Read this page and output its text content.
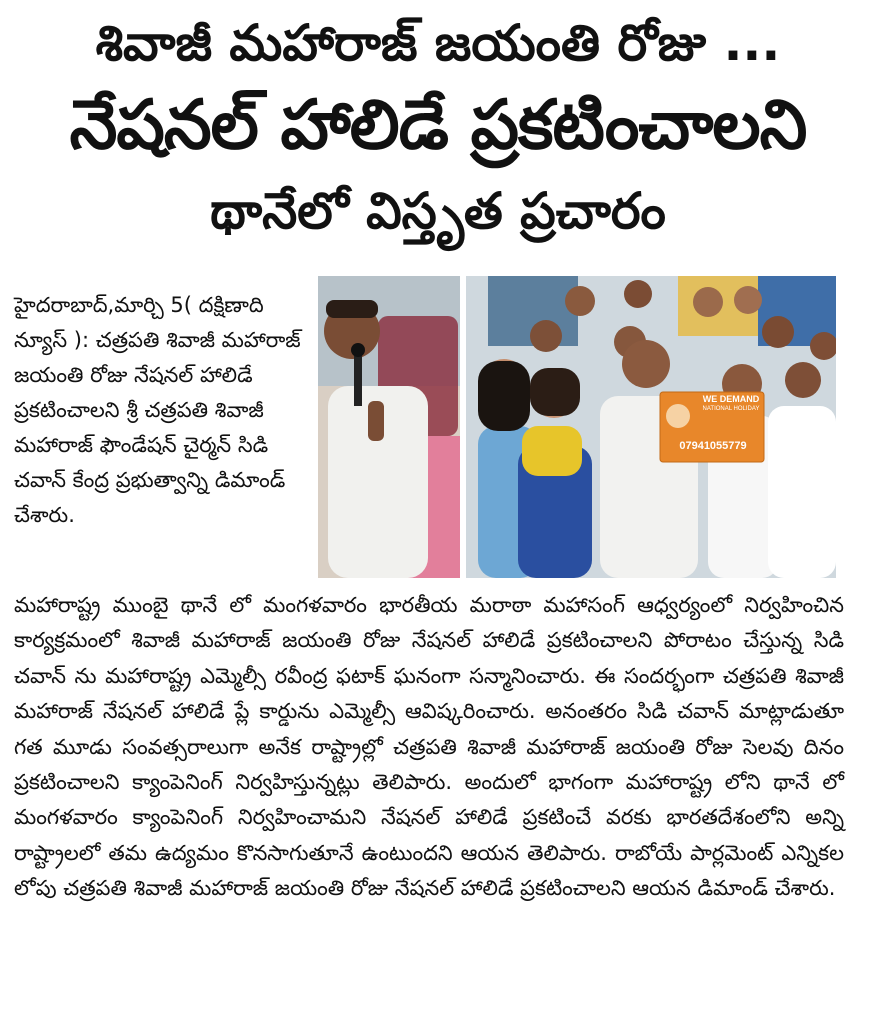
శివాజీ మహారాజ్ జయంతి రోజు ...
నేషనల్ హాలిడే ప్రకటించాలని
థానేలో విస్తృత ప్రచారం
హైదరాబాద్,మార్చి 5( దక్షిణాది న్యూస్ ): చత్రపతి శివాజీ మహారాజ్ జయంతి రోజు నేషనల్ హాలిడే ప్రకటించాలని శ్రీ చత్రపతి శివాజీ మహారాజ్ ఫౌండేషన్ చైర్మన్ సిడి చవాన్ కేంద్ర ప్రభుత్వాన్ని డిమాండ్ చేశారు.
WE DEMAND
NATIONAL HOLIDAY
07941055779
మహారాష్ట్ర ముంబై థానే లో మంగళవారం భారతీయ మరాఠా మహాసంగ్ ఆధ్వర్యంలో నిర్వహించిన కార్యక్రమంలో శివాజీ మహారాజ్ జయంతి రోజు నేషనల్ హాలిడే ప్రకటించాలని పోరాటం చేస్తున్న సిడి చవాన్ ను మహారాష్ట్ర ఎమ్మెల్సీ రవీంద్ర ఫటాక్ ఘనంగా సన్మానించారు. ఈ సందర్భంగా చత్రపతి శివాజీ మహారాజ్ నేషనల్ హాలిడే ప్లే కార్డును ఎమ్మెల్సీ ఆవిష్కరించారు. అనంతరం సిడి చవాన్ మాట్లాడుతూ గత మూడు సంవత్సరాలుగా అనేక రాష్ట్రాల్లో చత్రపతి శివాజీ మహారాజ్ జయంతి రోజు సెలవు దినం ప్రకటించాలని క్యాంపెనింగ్ నిర్వహిస్తున్నట్లు తెలిపారు. అందులో భాగంగా మహారాష్ట్ర లోని థానే లో మంగళవారం క్యాంపెనింగ్ నిర్వహించామని నేషనల్ హాలిడే ప్రకటించే వరకు భారతదేశంలోని అన్ని రాష్ట్రాలలో తమ ఉద్యమం కొనసాగుతూనే ఉంటుందని ఆయన తెలిపారు. రాబోయే పార్లమెంట్ ఎన్నికల లోపు చత్రపతి శివాజీ మహారాజ్ జయంతి రోజు నేషనల్ హాలిడే ప్రకటించాలని ఆయన డిమాండ్ చేశారు.
